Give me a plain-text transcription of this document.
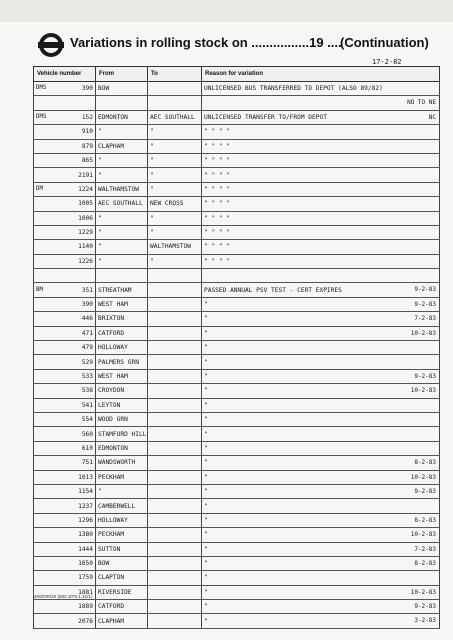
Variations in rolling stock on ................19 ....
(Continuation)
17-2-82
Vehicle number	From	To	Reason for variation

DMS 390	BOW		UNLICENSED BUS TRANSFERRED TO DEPOT (ALSO 89/82)

			NO TO NE

DMS 152	EDMONTON	AEC SOUTHALL	UNLICENSED TRANSFER TO/FROM DEPOT NC

910	"	"	" " " "

879	CLAPHAM	"	" " " "

865	"	"	" " " "

2191	"	"	" " " "

DM 1224	WALTHAMSTOW	"	" " " "

1005	AEC SOUTHALL	NEW CROSS	" " " "

1006	"	"	" " " "

1229	"	"	" " " "

1140	"	WALTHAMSTOW	" " " "

1226	"	"	" " " "

BM 351	STREATHAM		PASSED ANNUAL PSV TEST - CERT EXPIRES 9-2-83

390	WEST HAM		" 9-2-83

446	BRIXTON		" 7-2-83

471	CATFORD		" 10-2-83

479	HOLLOWAY		"

529	PALMERS GRN		"

533	WEST HAM		" 9-2-83

538	CROYDON		" 10-2-83

541	LEYTON		"

554	WOOD GRN		"

560	STAMFORD HILL		"

610	EDMONTON		"

751	WANDSWORTH		" 8-2-83

1013	PECKHAM		" 10-2-83

1154	"		" 9-2-83

1237	CAMBERWELL		"

1296	HOLLOWAY		" 8-2-83

1380	PECKHAM		" 10-2-83

1444	SUTTON		" 7-2-83

1650	BOW		" 8-2-83

1759	CLAPTON		"

1881	RIVERSIDE		" 10-2-83

1889	CATFORD		" 9-2-83

2076	CLAPHAM		" 3-2-83
408/OR/20 (800 3/79 1.21/1)
